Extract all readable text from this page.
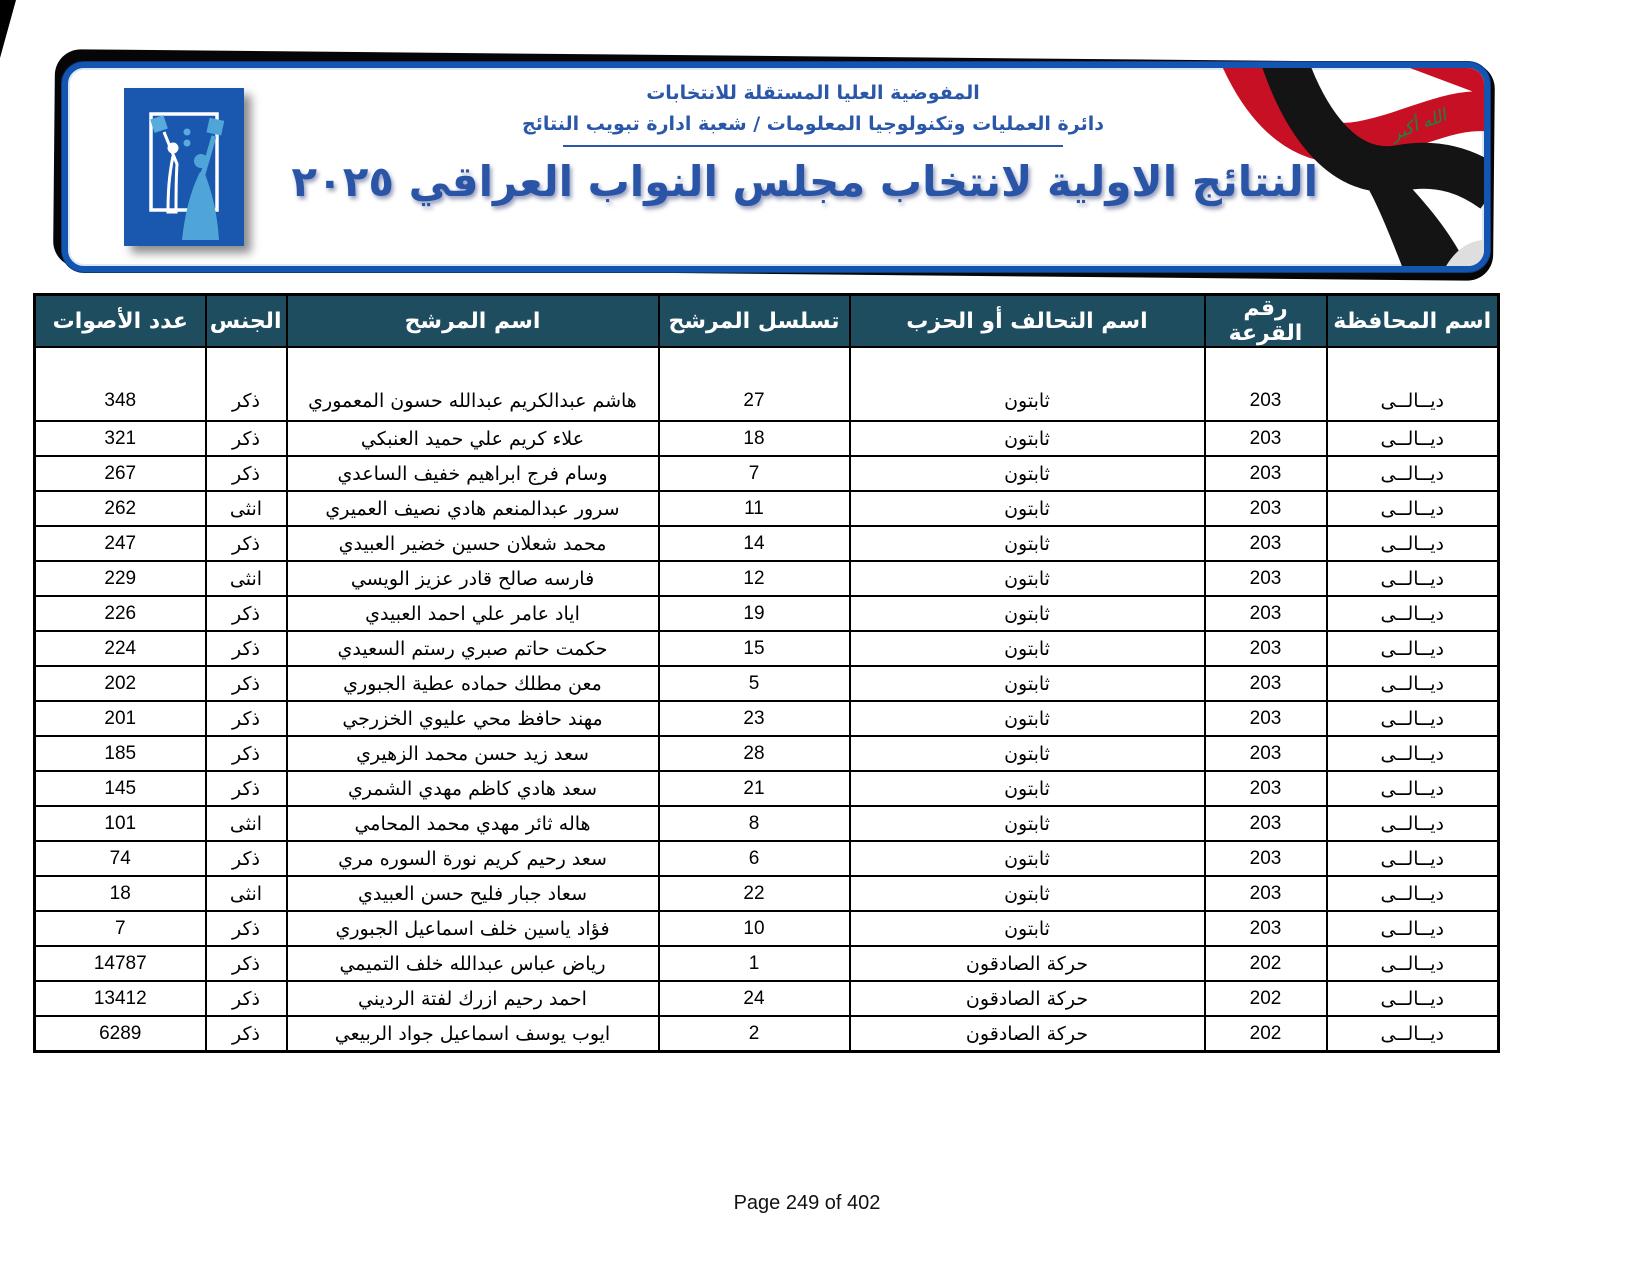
الله أكبر
المفوضية العليا المستقلة للانتخابات
دائرة العمليات وتكنولوجيا المعلومات / شعبة ادارة تبويب النتائج
النتائج الاولية لانتخاب مجلس النواب العراقي ٢٠٢٥
اسم المحافظة	رقم القرعة	اسم التحالف أو الحزب	تسلسل المرشح	اسم المرشح	الجنس	عدد الأصوات
ديــالــى	203	ثابتون	27	هاشم عبدالكريم عبدالله حسون المعموري	ذكر	348
ديــالــى	203	ثابتون	18	علاء كريم علي حميد العنبكي	ذكر	321
ديــالــى	203	ثابتون	7	وسام فرج ابراهيم خفيف الساعدي	ذكر	267
ديــالــى	203	ثابتون	11	سرور عبدالمنعم هادي نصيف العميري	انثى	262
ديــالــى	203	ثابتون	14	محمد شعلان حسين خضير العبيدي	ذكر	247
ديــالــى	203	ثابتون	12	فارسه صالح قادر عزيز الويسي	انثى	229
ديــالــى	203	ثابتون	19	اياد عامر علي احمد العبيدي	ذكر	226
ديــالــى	203	ثابتون	15	حكمت حاتم صبري رستم السعيدي	ذكر	224
ديــالــى	203	ثابتون	5	معن مطلك حماده عطية الجبوري	ذكر	202
ديــالــى	203	ثابتون	23	مهند حافظ محي عليوي الخزرجي	ذكر	201
ديــالــى	203	ثابتون	28	سعد زيد حسن محمد الزهيري	ذكر	185
ديــالــى	203	ثابتون	21	سعد هادي كاظم مهدي الشمري	ذكر	145
ديــالــى	203	ثابتون	8	هاله ثائر مهدي محمد المحامي	انثى	101
ديــالــى	203	ثابتون	6	سعد رحيم كريم نورة السوره مري	ذكر	74
ديــالــى	203	ثابتون	22	سعاد جبار فليح حسن العبيدي	انثى	18
ديــالــى	203	ثابتون	10	فؤاد ياسين خلف اسماعيل الجبوري	ذكر	7
ديــالــى	202	حركة الصادقون	1	رياض عباس عبدالله خلف التميمي	ذكر	14787
ديــالــى	202	حركة الصادقون	24	احمد رحيم ازرك لفتة الرديني	ذكر	13412
ديــالــى	202	حركة الصادقون	2	ايوب يوسف اسماعيل جواد الربيعي	ذكر	6289
Page 249 of 402
